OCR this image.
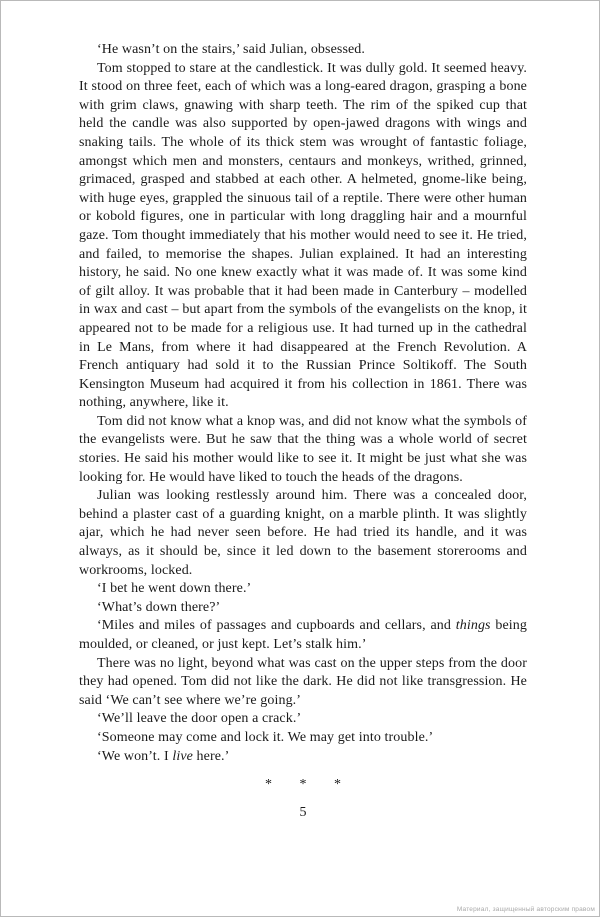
‘He wasn’t on the stairs,’ said Julian, obsessed.

Tom stopped to stare at the candlestick. It was dully gold. It seemed heavy. It stood on three feet, each of which was a long-eared dragon, grasping a bone with grim claws, gnawing with sharp teeth. The rim of the spiked cup that held the candle was also supported by open-jawed dragons with wings and snaking tails. The whole of its thick stem was wrought of fantastic foliage, amongst which men and monsters, centaurs and monkeys, writhed, grinned, grimaced, grasped and stabbed at each other. A helmeted, gnome-like being, with huge eyes, grappled the sinuous tail of a reptile. There were other human or kobold figures, one in particular with long draggling hair and a mournful gaze. Tom thought immediately that his mother would need to see it. He tried, and failed, to memorise the shapes. Julian explained. It had an interesting history, he said. No one knew exactly what it was made of. It was some kind of gilt alloy. It was probable that it had been made in Canterbury – modelled in wax and cast – but apart from the symbols of the evangelists on the knop, it appeared not to be made for a religious use. It had turned up in the cathedral in Le Mans, from where it had disappeared at the French Revolution. A French antiquary had sold it to the Russian Prince Soltikoff. The South Kensington Museum had acquired it from his collection in 1861. There was nothing, anywhere, like it.

Tom did not know what a knop was, and did not know what the symbols of the evangelists were. But he saw that the thing was a whole world of secret stories. He said his mother would like to see it. It might be just what she was looking for. He would have liked to touch the heads of the dragons.

Julian was looking restlessly around him. There was a concealed door, behind a plaster cast of a guarding knight, on a marble plinth. It was slightly ajar, which he had never seen before. He had tried its handle, and it was always, as it should be, since it led down to the basement storerooms and workrooms, locked.

‘I bet he went down there.’

‘What’s down there?’

‘Miles and miles of passages and cupboards and cellars, and things being moulded, or cleaned, or just kept. Let’s stalk him.’

There was no light, beyond what was cast on the upper steps from the door they had opened. Tom did not like the dark. He did not like transgression. He said ‘We can’t see where we’re going.’

‘We’ll leave the door open a crack.’

‘Someone may come and lock it. We may get into trouble.’

‘We won’t. I live here.’

* * *
5
Материал, защищенный авторским правом
